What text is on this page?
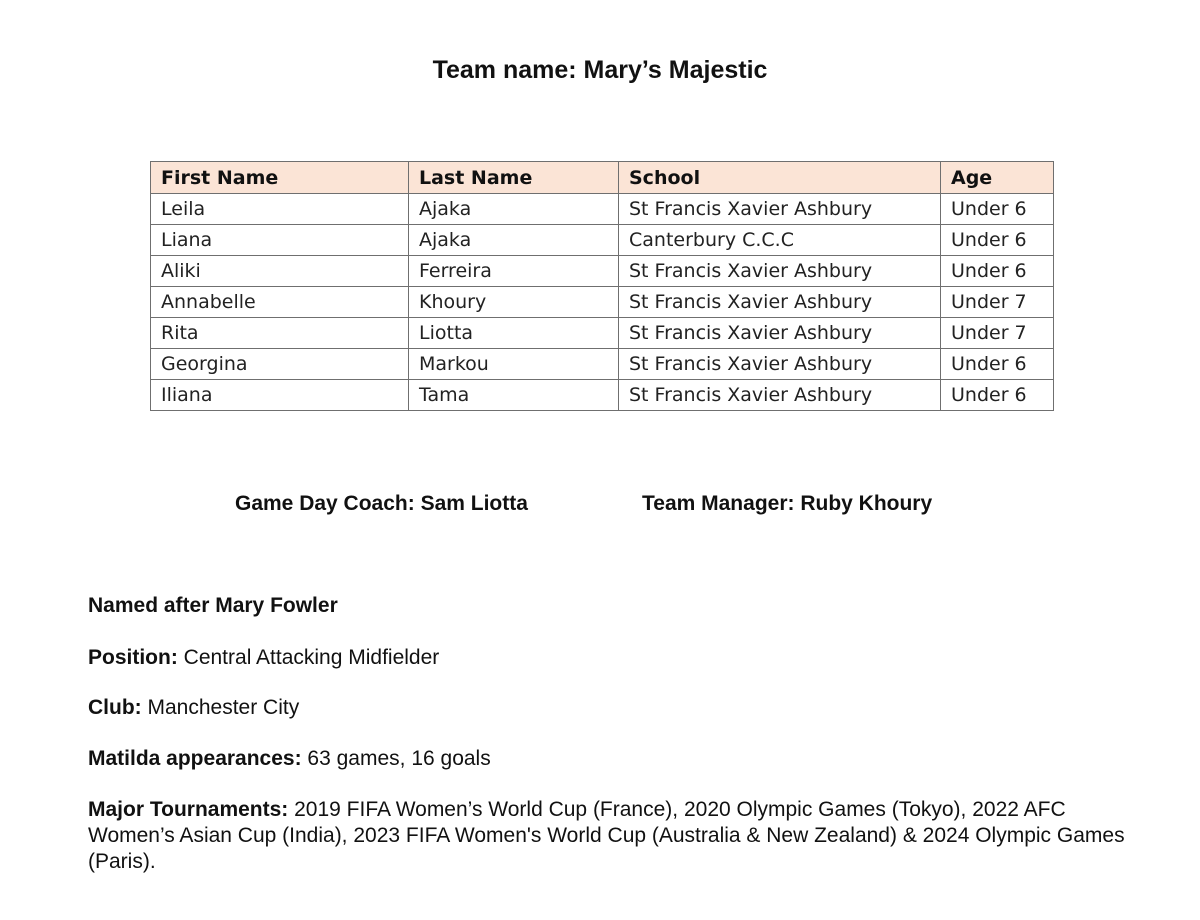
Team name: Mary’s Majestic
First Name	Last Name	School	Age
Leila	Ajaka	St Francis Xavier Ashbury	Under 6
Liana	Ajaka	Canterbury C.C.C	Under 6
Aliki	Ferreira	St Francis Xavier Ashbury	Under 6
Annabelle	Khoury	St Francis Xavier Ashbury	Under 7
Rita	Liotta	St Francis Xavier Ashbury	Under 7
Georgina	Markou	St Francis Xavier Ashbury	Under 6
Iliana	Tama	St Francis Xavier Ashbury	Under 6

Game Day Coach: Sam Liotta	Team Manager: Ruby Khoury

Named after Mary Fowler

Position: Central Attacking Midfielder

Club: Manchester City

Matilda appearances: 63 games, 16 goals

Major Tournaments: 2019 FIFA Women’s World Cup (France), 2020 Olympic Games (Tokyo), 2022 AFC Women’s Asian Cup (India), 2023 FIFA Women's World Cup (Australia & New Zealand) & 2024 Olympic Games (Paris).
